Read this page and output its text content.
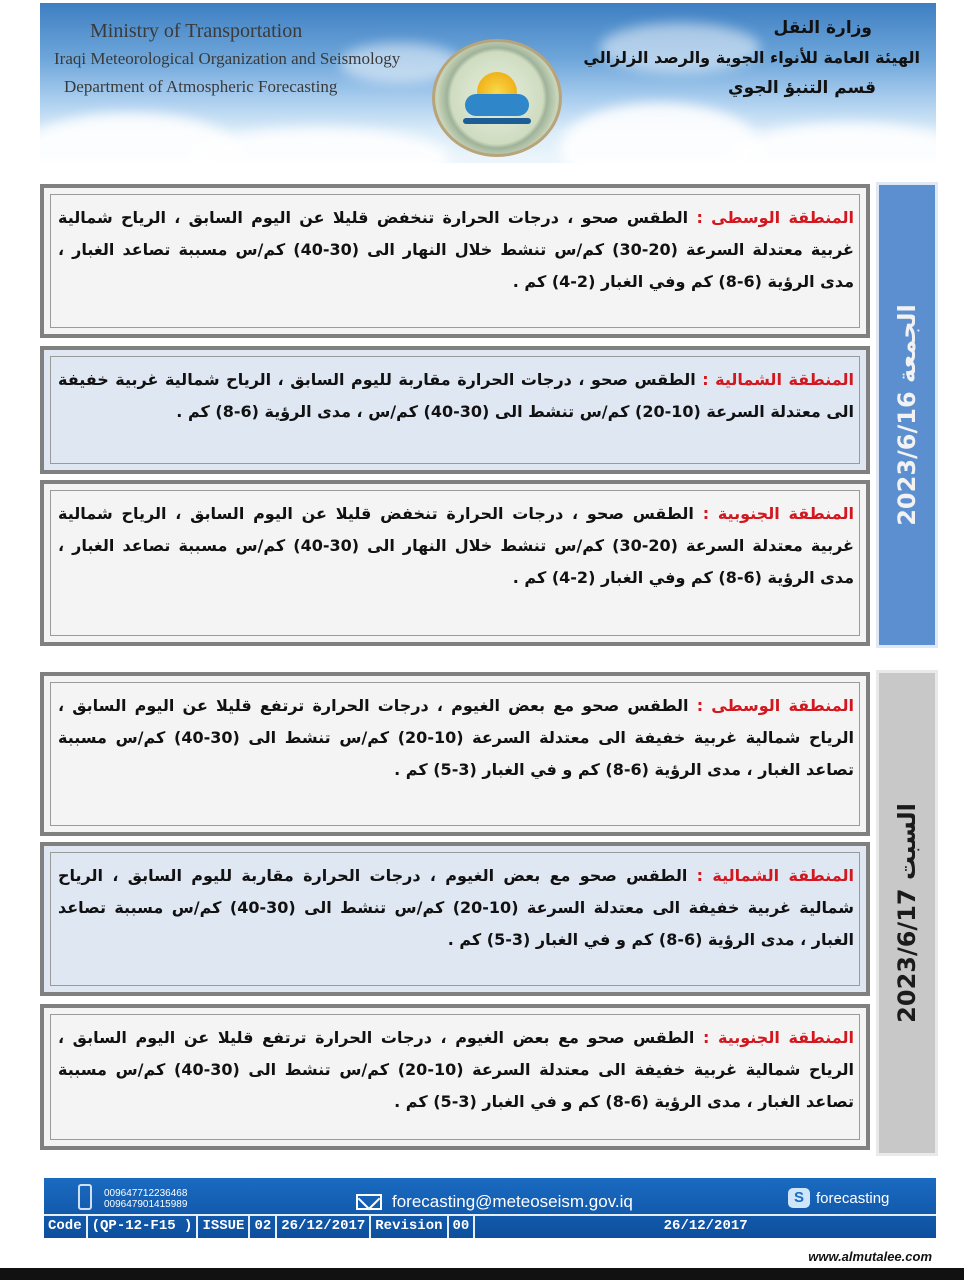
Ministry of Transportation
Iraqi Meteorological Organization and Seismology
Department of Atmospheric Forecasting
وزارة النقل
الهيئة العامة للأنواء الجوية والرصد الزلزالي
قسم التنبؤ الجوي

المنطقة الوسطى : الطقس صحو ، درجات الحرارة تنخفض قليلا عن اليوم السابق ، الرياح شمالية غربية معتدلة السرعة (20-30) كم/س تنشط خلال النهار الى (30-40) كم/س مسببة تصاعد الغبار ، مدى الرؤية (6-8) كم وفي الغبار (2-4) كم .

المنطقة الشمالية : الطقس صحو ، درجات الحرارة مقاربة لليوم السابق ، الرياح شمالية غربية خفيفة الى معتدلة السرعة (10-20) كم/س تنشط الى (30-40) كم/س ، مدى الرؤية (6-8) كم .

المنطقة الجنوبية : الطقس صحو ، درجات الحرارة تنخفض قليلا عن اليوم السابق ، الرياح شمالية غربية معتدلة السرعة (20-30) كم/س تنشط خلال النهار الى (30-40) كم/س مسببة تصاعد الغبار ، مدى الرؤية (6-8) كم وفي الغبار (2-4) كم .

الجمعة 2023/6/16

المنطقة الوسطى : الطقس صحو مع بعض الغيوم ، درجات الحرارة ترتفع قليلا عن اليوم السابق ، الرياح شمالية غربية خفيفة الى معتدلة السرعة (10-20) كم/س تنشط الى (30-40) كم/س مسببة تصاعد الغبار ، مدى الرؤية (6-8) كم و في الغبار (3-5) كم .

المنطقة الشمالية : الطقس صحو مع بعض الغيوم ، درجات الحرارة مقاربة لليوم السابق ، الرياح شمالية غربية خفيفة الى معتدلة السرعة (10-20) كم/س تنشط الى (30-40) كم/س مسببة تصاعد الغبار ، مدى الرؤية (6-8) كم و في الغبار (3-5) كم .

المنطقة الجنوبية : الطقس صحو مع بعض الغيوم ، درجات الحرارة ترتفع قليلا عن اليوم السابق ، الرياح شمالية غربية خفيفة الى معتدلة السرعة (10-20) كم/س تنشط الى (30-40) كم/س مسببة تصاعد الغبار ، مدى الرؤية (6-8) كم و في الغبار (3-5) كم .

السبت 2023/6/17
009647712236468
009647901415989	forecasting@meteoseism.gov.iq	S forecasting
Code (QP-12-F15 ) ISSUE 02 26/12/2017 Revision 00	26/12/2017
www.almutalee.com
